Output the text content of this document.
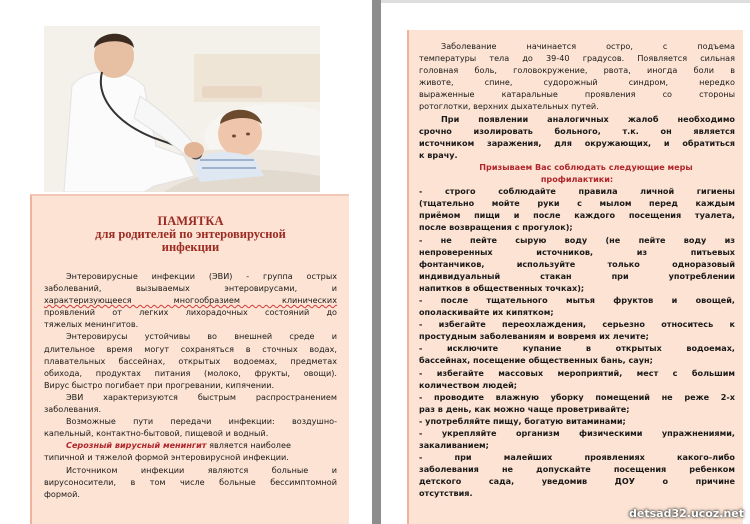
ПАМЯТКА
для родителей по энтеровирусной
инфекции
Энтеровирусные инфекции (ЭВИ) - группа острых
заболеваний, вызываемых энтеровирусами, и
характеризующееся многообразием клинических
проявлений от легких лихорадочных состояний до
тяжелых менингитов.
Энтеровирусы устойчивы во внешней среде и
длительное время могут сохраняться в сточных водах,
плавательных бассейнах, открытых водоемах, предметах
обихода, продуктах питания (молоко, фрукты, овощи).
Вирус быстро погибает при прогревании, кипячении.
ЭВИ характеризуются быстрым распространением
заболевания.
Возможные пути передачи инфекции: воздушно-
капельный, контактно-бытовой, пищевой и водный.
Серозный вирусный менингит является наиболее
типичной и тяжелой формой энтеровирусной инфекции.
Источником инфекции являются больные и
вирусоносители, в том числе больные бессимптомной
формой.
Заболевание начинается остро, с подъема
температуры тела до 39-40 градусов. Появляется сильная
головная боль, головокружение, рвота, иногда боли в
животе, спине, судорожный синдром, нередко
выраженные катаральные проявления со стороны
ротоглотки, верхних дыхательных путей.
При появлении аналогичных жалоб необходимо
срочно изолировать больного, т.к. он является
источником заражения, для окружающих, и обратиться
к врачу.
Призываем Вас соблюдать следующие меры
профилактики:
- строго соблюдайте правила личной гигиены
(тщательно мойте руки с мылом перед каждым
приёмом пищи и после каждого посещения туалета,
после возвращения с прогулок);
- не пейте сырую воду (не пейте воду из
непроверенных источников, из питьевых
фонтанчиков, используйте только одноразовый
индивидуальный стакан при употреблении
напитков в общественных точках);
- после тщательного мытья фруктов и овощей,
ополаскивайте их кипятком;
- избегайте переохлаждения, серьезно относитесь к
простудным заболеваниям и вовремя их лечите;
- исключите купание в открытых водоемах,
бассейнах, посещение общественных бань, саун;
- избегайте массовых мероприятий, мест с большим
количеством людей;
- проводите влажную уборку помещений не реже 2-х
раз в день, как можно чаще проветривайте;
- употребляйте пищу, богатую витаминами;
- укрепляйте организм физическими упражнениями,
закаливанием;
- при малейших проявлениях какого-либо
заболевания не допускайте посещения ребенком
детского сада, уведомив ДОУ о причине
отсутствия.
detsad32.ucoz.net
